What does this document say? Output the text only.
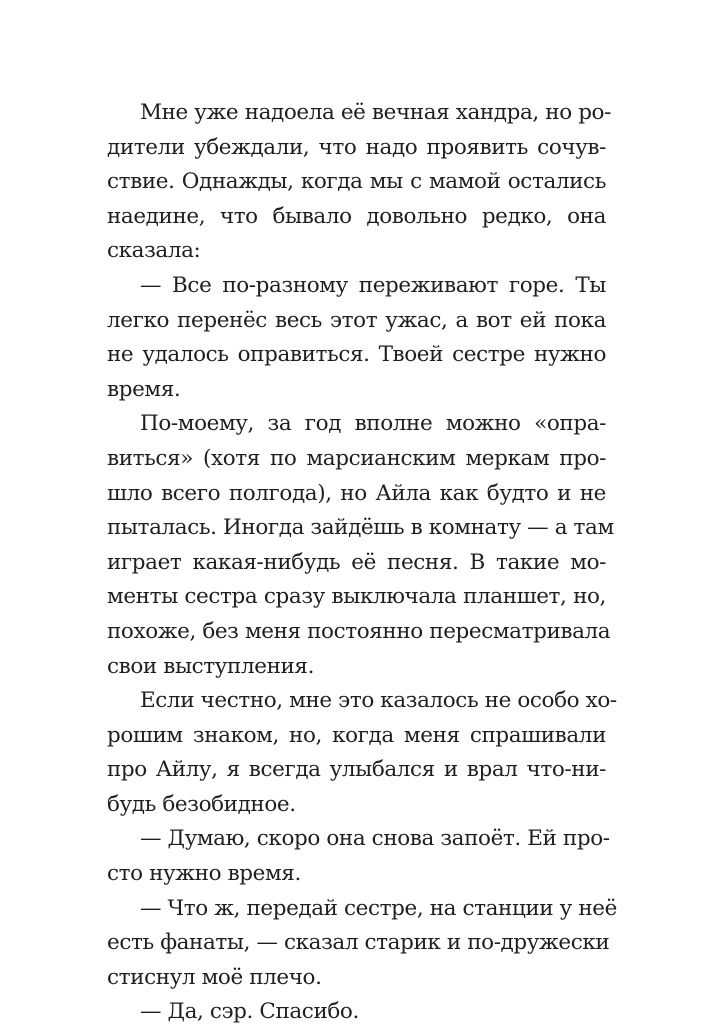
Мне уже надоела её вечная хандра, но ро-
дители убеждали, что надо проявить сочув-
ствие. Однажды, когда мы с мамой остались
наедине, что бывало довольно редко, она
сказала:
— Все по-разному переживают горе. Ты
легко перенёс весь этот ужас, а вот ей пока
не удалось оправиться. Твоей сестре нужно
время.
По-моему, за год вполне можно «опра-
виться» (хотя по марсианским меркам про-
шло всего полгода), но Айла как будто и не
пыталась. Иногда зайдёшь в комнату — а там
играет какая-нибудь её песня. В такие мо-
менты сестра сразу выключала планшет, но,
похоже, без меня постоянно пересматривала
свои выступления.
Если честно, мне это казалось не особо хо-
рошим знаком, но, когда меня спрашивали
про Айлу, я всегда улыбался и врал что-ни-
будь безобидное.
— Думаю, скоро она снова запоёт. Ей про-
сто нужно время.
— Что ж, передай сестре, на станции у неё
есть фанаты, — сказал старик и по-дружески
стиснул моё плечо.
— Да, сэр. Спасибо.
